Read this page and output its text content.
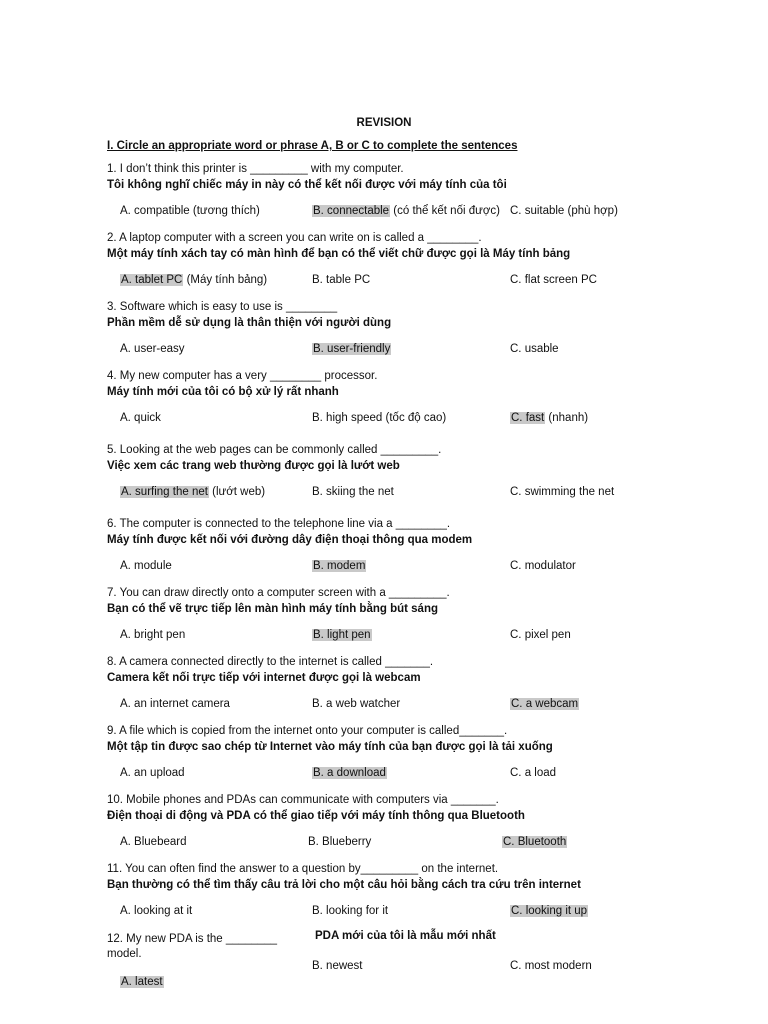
REVISION
I. Circle an appropriate word or phrase A, B or C to complete the sentences
1. I don’t think this printer is _________ with my computer.
Tôi không nghĩ chiếc máy in này có thể kết nối được với máy tính của tôi
A. compatible (tương thích)	B. connectable (có thể kết nối được) C. suitable (phù hợp)
2. A laptop computer with a screen you can write on is called a ________.
Một máy tính xách tay có màn hình để bạn có thể viết chữ được gọi là Máy tính bảng
A. tablet PC (Máy tính bảng)	B. table PC	C. flat screen PC
3. Software which is easy to use is ________
Phần mềm dễ sử dụng là thân thiện với người dùng
A. user-easy	B. user-friendly	C. usable
4. My new computer has a very ________ processor.
Máy tính mới của tôi có bộ xử lý rất nhanh
A. quick	B. high speed (tốc độ cao)	C. fast (nhanh)
5. Looking at the web pages can be commonly called _________.
Việc xem các trang web thường được gọi là lướt web
A. surfing the net (lướt web)	B. skiing the net	C. swimming the net
6. The computer is connected to the telephone line via a ________.
Máy tính được kết nối với đường dây điện thoại thông qua modem
A. module	B. modem	C. modulator
7. You can draw directly onto a computer screen with a _________.
Bạn có thể vẽ trực tiếp lên màn hình máy tính bằng bút sáng
A. bright pen	B. light pen	C. pixel pen
8. A camera connected directly to the internet is called _______.
Camera kết nối trực tiếp với internet được gọi là webcam
A. an internet camera	B. a web watcher	C. a webcam
9. A file which is copied from the internet onto your computer is called_______.
Một tập tin được sao chép từ Internet vào máy tính của bạn được gọi là tải xuống
A. an upload	B. a download	C. a load
10. Mobile phones and PDAs can communicate with computers via _______.
Điện thoại di động và PDA có thể giao tiếp với máy tính thông qua Bluetooth
A. Bluebeard	B. Blueberry	C. Bluetooth
11. You can often find the answer to a question by_________ on the internet.
Bạn thường có thể tìm thấy câu trả lời cho một câu hỏi bằng cách tra cứu trên internet
A. looking at it	B. looking for it	C. looking it up
12. My new PDA is the ________
model.
PDA mới của tôi là mẫu mới nhất
A. latest
B. newest	C. most modern
